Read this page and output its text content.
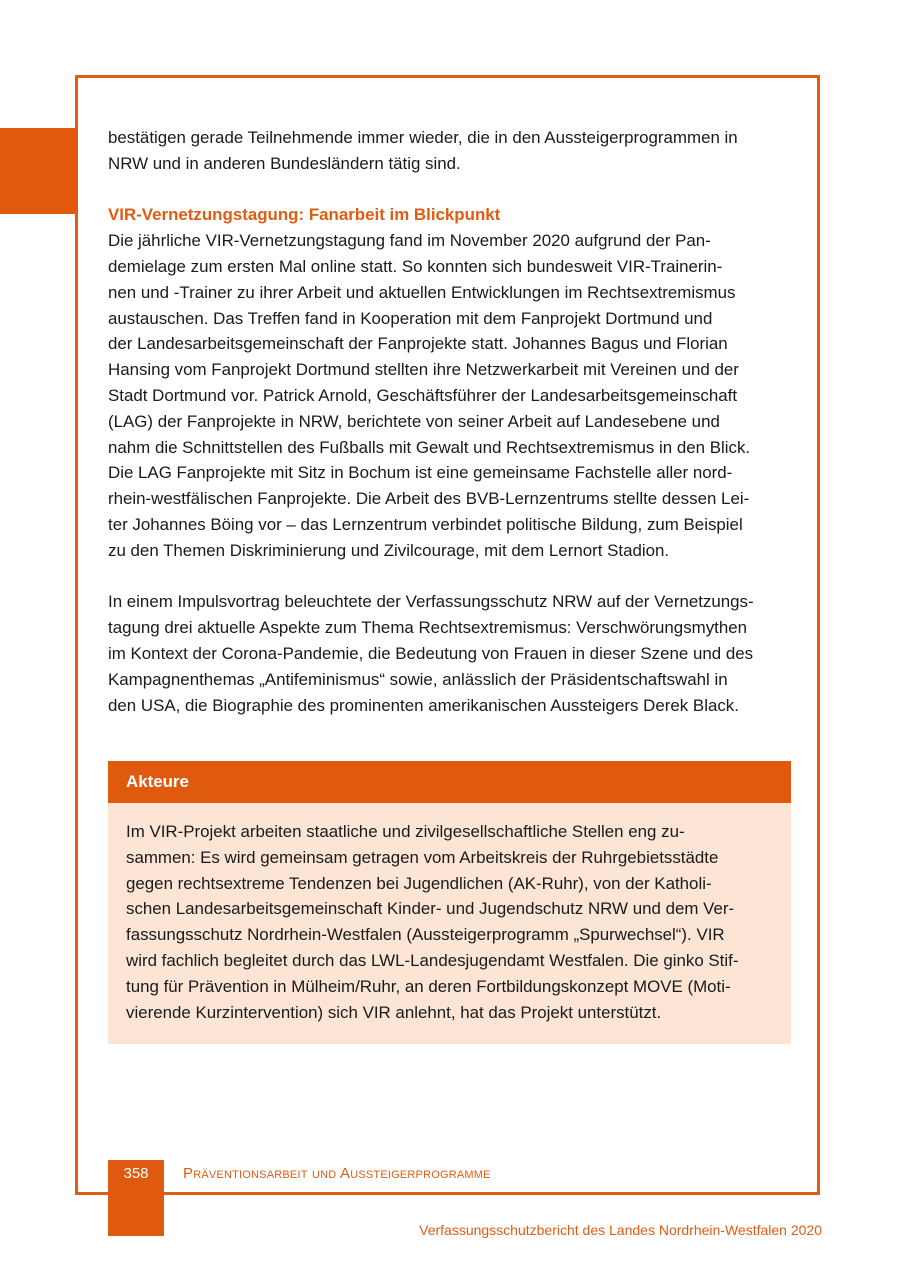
bestätigen gerade Teilnehmende immer wieder, die in den Aussteigerprogrammen in

NRW und in anderen Bundesländern tätig sind.

VIR-Vernetzungstagung: Fanarbeit im Blickpunkt

Die jährliche VIR-Vernetzungstagung fand im November 2020 aufgrund der Pan-

demielage zum ersten Mal online statt. So konnten sich bundesweit VIR-Trainerin-

nen und -Trainer zu ihrer Arbeit und aktuellen Entwicklungen im Rechtsextremismus

austauschen. Das Treffen fand in Kooperation mit dem Fanprojekt Dortmund und

der Landesarbeitsgemeinschaft der Fanprojekte statt. Johannes Bagus und Florian

Hansing vom Fanprojekt Dortmund stellten ihre Netzwerkarbeit mit Vereinen und der

Stadt Dortmund vor. Patrick Arnold, Geschäftsführer der Landesarbeitsgemeinschaft

(LAG) der Fanprojekte in NRW, berichtete von seiner Arbeit auf Landesebene und

nahm die Schnittstellen des Fußballs mit Gewalt und Rechtsextremismus in den Blick.

Die LAG Fanprojekte mit Sitz in Bochum ist eine gemeinsame Fachstelle aller nord-

rhein-westfälischen Fanprojekte. Die Arbeit des BVB-Lernzentrums stellte dessen Lei-

ter Johannes Böing vor – das Lernzentrum verbindet politische Bildung, zum Beispiel

zu den Themen Diskriminierung und Zivilcourage, mit dem Lernort Stadion.

In einem Impulsvortrag beleuchtete der Verfassungsschutz NRW auf der Vernetzungs-

tagung drei aktuelle Aspekte zum Thema Rechtsextremismus: Verschwörungsmythen

im Kontext der Corona-Pandemie, die Bedeutung von Frauen in dieser Szene und des

Kampagnenthemas „Antifeminismus“ sowie, anlässlich der Präsidentschaftswahl in

den USA, die Biographie des prominenten amerikanischen Aussteigers Derek Black.

Akteure

Im VIR-Projekt arbeiten staatliche und zivilgesellschaftliche Stellen eng zu-

sammen: Es wird gemeinsam getragen vom Arbeitskreis der Ruhrgebietsstädte

gegen rechtsextreme Tendenzen bei Jugendlichen (AK-Ruhr), von der Katholi-

schen Landesarbeitsgemeinschaft Kinder- und Jugendschutz NRW und dem Ver-

fassungsschutz Nordrhein-Westfalen (Aussteigerprogramm „Spurwechsel“). VIR

wird fachlich begleitet durch das LWL-Landesjugendamt Westfalen. Die ginko Stif-

tung für Prävention in Mülheim/Ruhr, an deren Fortbildungskonzept MOVE (Moti-

vierende Kurzintervention) sich VIR anlehnt, hat das Projekt unterstützt.

358	Präventionsarbeit und Aussteigerprogramme
Verfassungsschutzbericht des Landes Nordrhein-Westfalen 2020
